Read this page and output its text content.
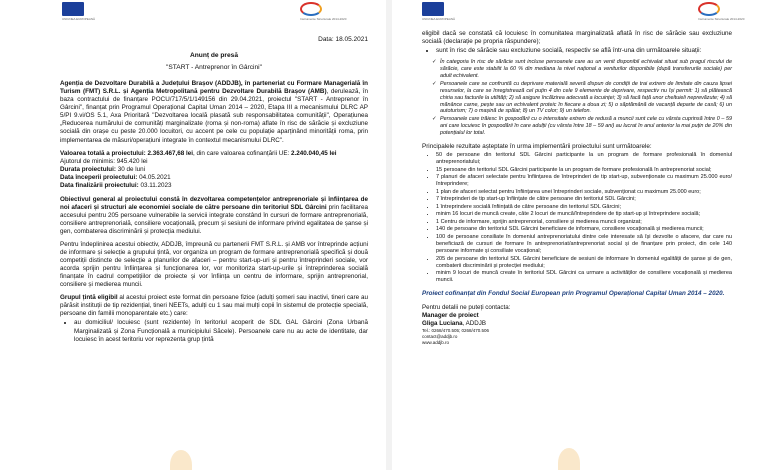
UNIUNEA EUROPEANĂ	Instrumente Structurale 2014-2020
Data: 18.05.2021
Anunț de presă
"START - Antreprenor în Gârcini"

Agenția de Dezvoltare Durabilă a Județului Brașov (ADDJB), în parteneriat cu Formare Managerială în Turism (FMT) S.R.L. și Agenția Metropolitană pentru Dezvoltare Durabilă Brașov (AMB), derulează, în baza contractului de finanțare POCU/717/5/1/149156 din 29.04.2021, proiectul "START - Antreprenor în Gârcini", finanțat prin Programul Operațional Capital Uman 2014 – 2020, Etapa III a mecanismului DLRC AP 5/PI 9.vi/OS 5.1, Axa Prioritară "Dezvoltarea locală plasată sub responsabilitatea comunității", Operațiunea „Reducerea numărului de comunități marginalizate (roma și non-roma) aflate în risc de sărăcie și excluziune socială din orașe cu peste 20.000 locuitori, cu accent pe cele cu populație aparținând minorității roma, prin implementarea de măsuri/operațiuni integrate în contextul mecanismului DLRC".

Valoarea totală a proiectului: 2.363.467,68 lei, din care valoarea cofinanțării UE: 2.240.040,45 lei

Ajutorul de minimis: 945.420 lei

Durata proiectului: 30 de luni

Data începerii proiectului: 04.05.2021

Data finalizării proiectului: 03.11.2023

Obiectivul general al proiectului constă în dezvoltarea competențelor antreprenoriale și înființarea de noi afaceri și structuri ale economiei sociale de către persoane din teritoriul SDL Gârcini prin facilitarea accesului pentru 205 persoane vulnerabile la servicii integrate constând în cursuri de formare antreprenorială, consiliere antreprenorială, consiliere vocațională, precum și sesiuni de informare privind egalitatea de șanse și gen, combaterea discriminării și protecția mediului.

Pentru îndeplinirea acestui obiectiv, ADDJB, împreună cu partenerii FMT S.R.L. și AMB vor întreprinde acțiuni de informare și selecție a grupului țintă, vor organiza un program de formare antreprenorială specifică și două competiții distincte de selecție a planurilor de afaceri – pentru start-up-uri și pentru întreprinderi sociale, vor acorda sprijin pentru înființarea și funcționarea lor, vor monitoriza start-up-urile și întreprinderea socială finanțate în cadrul competițiilor de proiecte și vor înființa un centru de informare, sprijin antreprenorial, consiliere și medierea muncii.

Grupul țintă eligibil al acestui proiect este format din persoane fizice (adulți șomeri sau inactivi, tineri care au părăsit instituții de tip rezidențial, tineri NEETs, adulți cu 1 sau mai mulți copii în sistemul de protecție specială, persoane din familii monoparentale etc.) care:

• au domiciliul/ locuiesc (sunt rezidente) în teritoriul acoperit de SDL GAL Gârcini (Zona Urbană Marginalizată și Zona Funcțională a municipiului Săcele). Persoanele care nu au acte de identitate, dar locuiesc în acest teritoriu vor reprezenta grup țintă
UNIUNEA EUROPEANĂ	Instrumente Structurale 2014-2020

eligibil dacă se constată că locuiesc în comunitatea marginalizată aflată în risc de sărăcie sau excluziune socială (declarație pe propria răspundere);

• sunt în risc de sărăcie sau excluziune socială, respectiv se află într-una din următoarele situații:
✓ În categoria în risc de sărăcie sunt incluse persoanele care au un venit disponibil echivalat situat sub pragul riscului de sărăcie, care este stabilit la 60 % din mediana la nivel național a veniturilor disponibile (după transferurile sociale) per adult echivalent.
✓ Persoanele care se confruntă cu deprivare materială severă dispun de condiții de trai extrem de limitate din cauza lipsei resurselor, la care se înregistrează cel puțin 4 din cele 9 elemente de deprivare, respectiv nu își permit: 1) să plătească chiria sau facturile la utilități; 2) să asigure încălzirea adecvată a locuinței; 3) să facă față unor cheltuieli neprevăzute; 4) să mănânce carne, pește sau un echivalent proteic în fiecare a doua zi; 5) o săptămână de vacanță departe de casă; 6) un autoturism; 7) o mașină de spălat; 8) un TV color; 9) un telefon.
✓ Persoanele care trăiesc în gospodării cu o intensitate extrem de redusă a muncii sunt cele cu vârsta cuprinsă între 0 – 59 ani care locuiesc în gospodării în care adulții (cu vârsta între 18 – 59 ani) au lucrat în anul anterior la mai puțin de 20% din potențialul lor total.

Principalele rezultate așteptate în urma implementării proiectului sunt următoarele:

• 50 de persoane din teritoriul SDL Gârcini participante la un program de formare profesională în domeniul antreprenoriatului;
• 15 persoane din teritoriul SDL Gârcini participante la un program de formare profesională în antreprenoriat social;
• 7 planuri de afaceri selectate pentru înființarea de întreprinderi de tip start-up, subvenționate cu maximum 25.000 euro/întreprindere;
• 1 plan de afaceri selectat pentru înființarea unei întreprinderi sociale, subvenționat cu maximum 25.000 euro;
• 7 întreprinderi de tip start-up înființate de către persoane din teritoriul SDL Gârcini;
• 1 întreprindere socială înființată de către persoane din teritoriul SDL Gârcini;
• minim 16 locuri de muncă create, câte 2 locuri de muncă/întreprindere de tip start-up și întreprindere socială;
• 1 Centru de informare, sprijin antreprenorial, consiliere și medierea muncii organizat;
• 140 de persoane din teritoriul SDL Gârcini beneficiare de informare, consiliere vocațională și medierea muncii;
• 100 de persoane consiliate în domeniul antreprenoriatului dintre cele interesate să își dezvolte o afacere, dar care nu beneficiază de cursuri de formare în antreprenoriat/antreprenoriat social și de finanțare prin proiect, din cele 140 persoane informate și consiliate vocațional;
• 205 de persoane din teritoriul SDL Gârcini beneficiare de sesiuni de informare în domeniul egalității de șanse și de gen, combaterii discriminării și protecției mediului;
• minim 9 locuri de muncă create în teritoriul SDL Gârcini ca urmare a activităților de consiliere vocațională și medierea muncii.

Proiect cofinanțat din Fondul Social European prin Programul Operațional Capital Uman 2014 – 2020.

Pentru detalii ne puteți contacta:
Manager de proiect
Gliga Luciana, ADDJB
Tel.: 0268/470.505; 0268/470.506
contact@addjb.ro
www.addjb.ro
